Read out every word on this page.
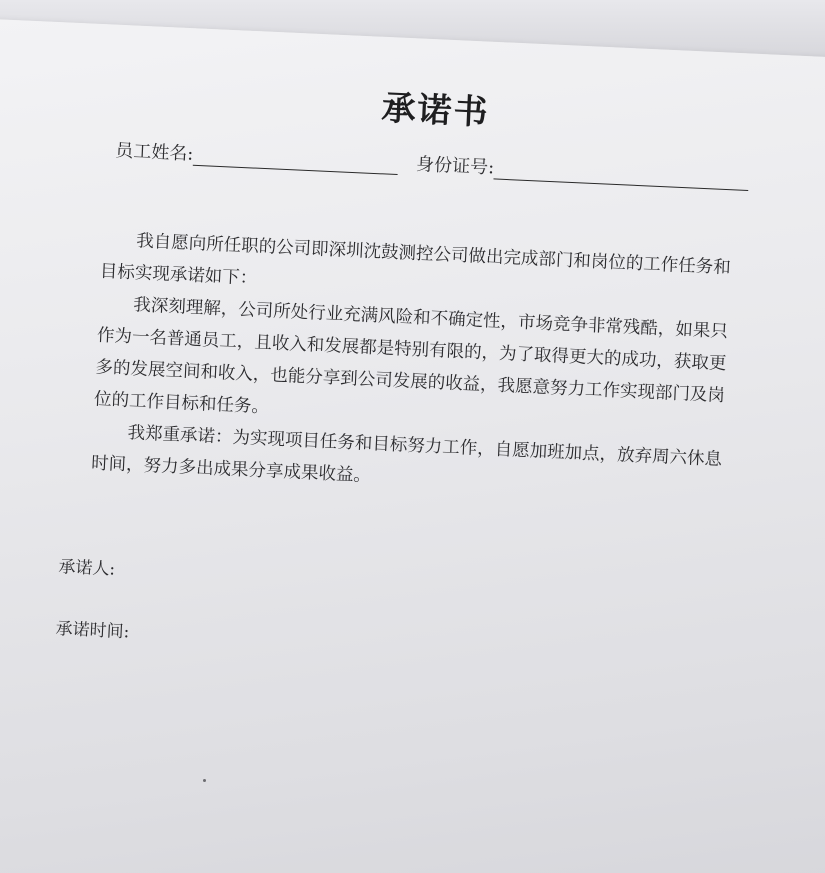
承诺书
员工姓名:
身份证号:

我自愿向所任职的公司即深圳沈鼓测控公司做出完成部门和岗位的工作任务和目标实现承诺如下：

我深刻理解，公司所处行业充满风险和不确定性，市场竞争非常残酷，如果只作为一名普通员工，且收入和发展都是特别有限的，为了取得更大的成功，获取更多的发展空间和收入，也能分享到公司发展的收益，我愿意努力工作实现部门及岗位的工作目标和任务。

我郑重承诺：为实现项目任务和目标努力工作，自愿加班加点，放弃周六休息时间，努力多出成果分享成果收益。

承诺人:
承诺时间:
